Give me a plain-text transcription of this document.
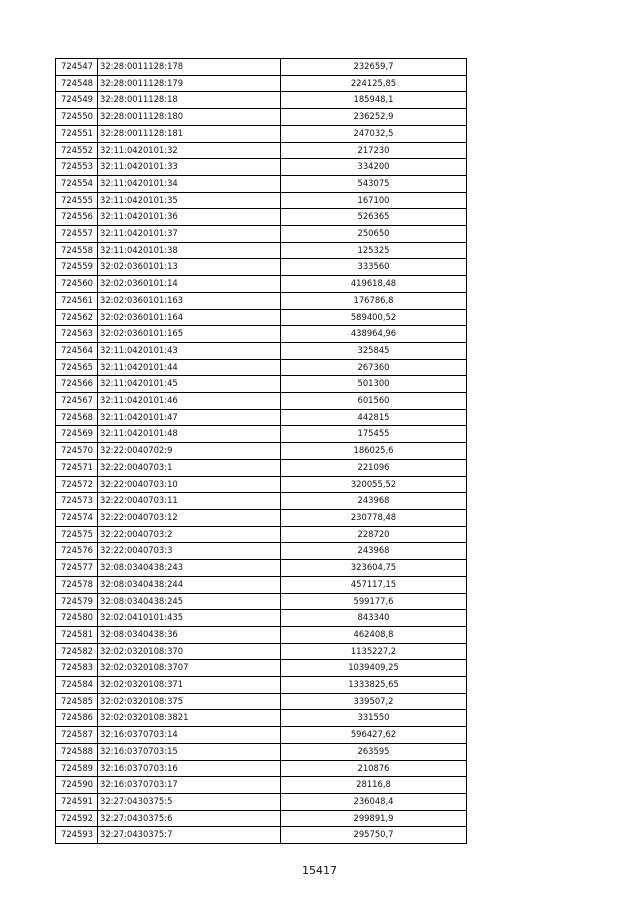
724547	32:28:0011128:178	232659,7
724548	32:28:0011128:179	224125,85
724549	32:28:0011128:18	185948,1
724550	32:28:0011128:180	236252,9
724551	32:28:0011128:181	247032,5
724552	32:11:0420101:32	217230
724553	32:11:0420101:33	334200
724554	32:11:0420101:34	543075
724555	32:11:0420101:35	167100
724556	32:11:0420101:36	526365
724557	32:11:0420101:37	250650
724558	32:11:0420101:38	125325
724559	32:02:0360101:13	333560
724560	32:02:0360101:14	419618,48
724561	32:02:0360101:163	176786,8
724562	32:02:0360101:164	589400,52
724563	32:02:0360101:165	438964,96
724564	32:11:0420101:43	325845
724565	32:11:0420101:44	267360
724566	32:11:0420101:45	501300
724567	32:11:0420101:46	601560
724568	32:11:0420101:47	442815
724569	32:11:0420101:48	175455
724570	32:22:0040702:9	186025,6
724571	32:22:0040703:1	221096
724572	32:22:0040703:10	320055,52
724573	32:22:0040703:11	243968
724574	32:22:0040703:12	230778,48
724575	32:22:0040703:2	228720
724576	32:22:0040703:3	243968
724577	32:08:0340438:243	323604,75
724578	32:08:0340438:244	457117,15
724579	32:08:0340438:245	599177,6
724580	32:02:0410101:435	843340
724581	32:08:0340438:36	462408,8
724582	32:02:0320108:370	1135227,2
724583	32:02:0320108:3707	1039409,25
724584	32:02:0320108:371	1333825,65
724585	32:02:0320108:375	339507,2
724586	32:02:0320108:3821	331550
724587	32:16:0370703:14	596427,62
724588	32:16:0370703:15	263595
724589	32:16:0370703:16	210876
724590	32:16:0370703:17	28116,8
724591	32:27:0430375:5	236048,4
724592	32:27:0430375:6	299891,9
724593	32:27:0430375:7	295750,7
15417
